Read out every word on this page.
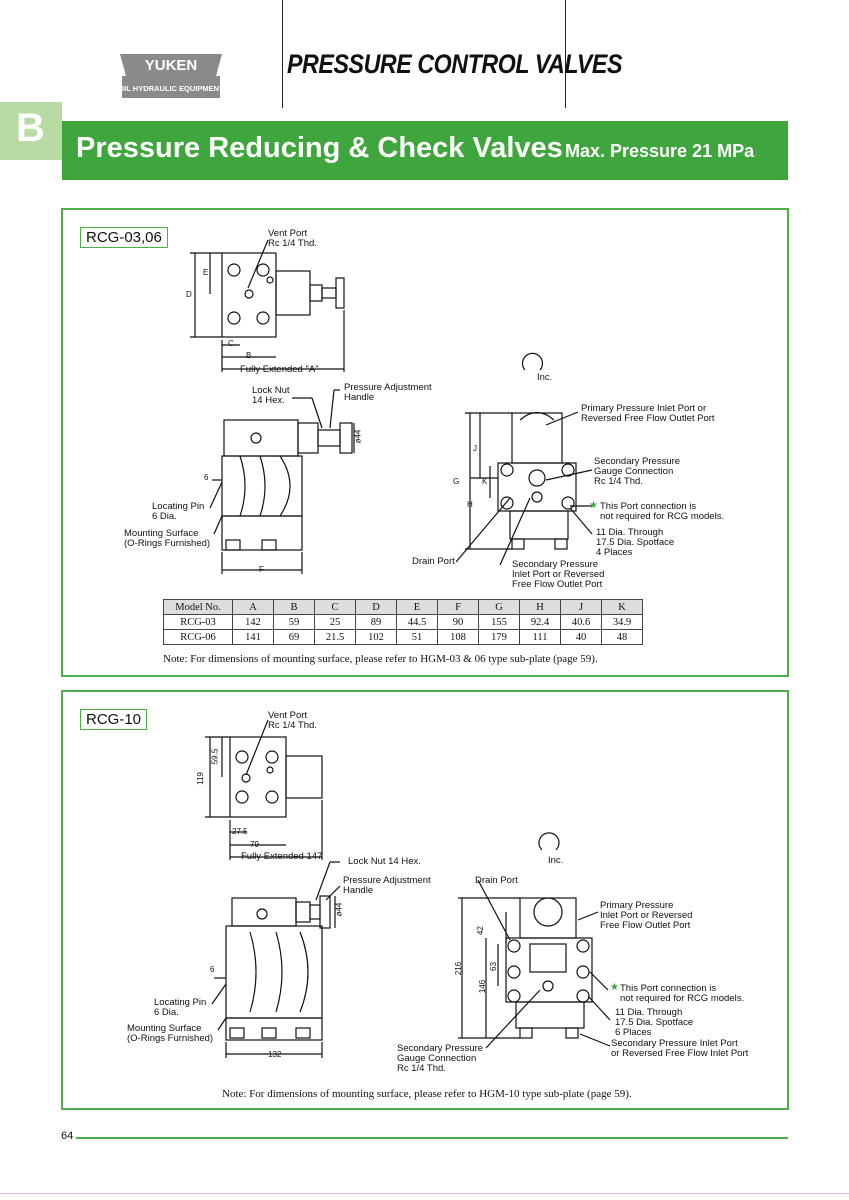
YUKEN
OIL HYDRAULIC EQUIPMENT
PRESSURE CONTROL VALVES
B Pressure Reducing & Check Valves Max. Pressure 21 MPa
RCG-03,06	Vent Port
Rc 1/4 Thd.
Fully Extended "A"
Lock Nut
14 Hex.
Pressure Adjustment
Handle
Inc.
Primary Pressure Inlet Port or
Reversed Free Flow Outlet Port
Secondary Pressure
Gauge Connection
Rc 1/4 Thd.
★ This Port connection is
not required for RCG models.
11 Dia. Through
17.5 Dia. Spotface
4 Places
Locating Pin
6 Dia.
Mounting Surface
(O-Rings Furnished)
Drain Port	Secondary Pressure
Inlet Port or Reversed
Free Flow Outlet Port
D
E
C
B
F
ø44
6	G
H
J
K
Model No.	A	B	C	D	E	F	G	H	J	K
RCG-03	142	59	25	89	44.5	90	155	92.4	40.6	34.9
RCG-06	141	69	21.5	102	51	108	179	111	40	48
Note: For dimensions of mounting surface, please refer to HGM-03 & 06 type sub-plate (page 59).
RCG-10	Vent Port
Rc 1/4 Thd.
Fully Extended 147	Lock Nut 14 Hex.
Pressure Adjustment
Handle
Inc.
Drain Port
Primary Pressure
Inlet Port or Reversed
Free Flow Outlet Port
★ This Port connection is
not required for RCG models.
11 Dia. Through
17.5 Dia. Spotface
6 Places
Secondary Pressure Inlet Port
or Reversed Free Flow Inlet Port
Locating Pin
6 Dia.
Mounting Surface
(O-Rings Furnished)
Secondary Pressure
Gauge Connection
Rc 1/4 Thd.
119
59.5
27.5
79
132
ø44
6	216
146
63
42
Note: For dimensions of mounting surface, please refer to HGM-10 type sub-plate (page 59).
64
